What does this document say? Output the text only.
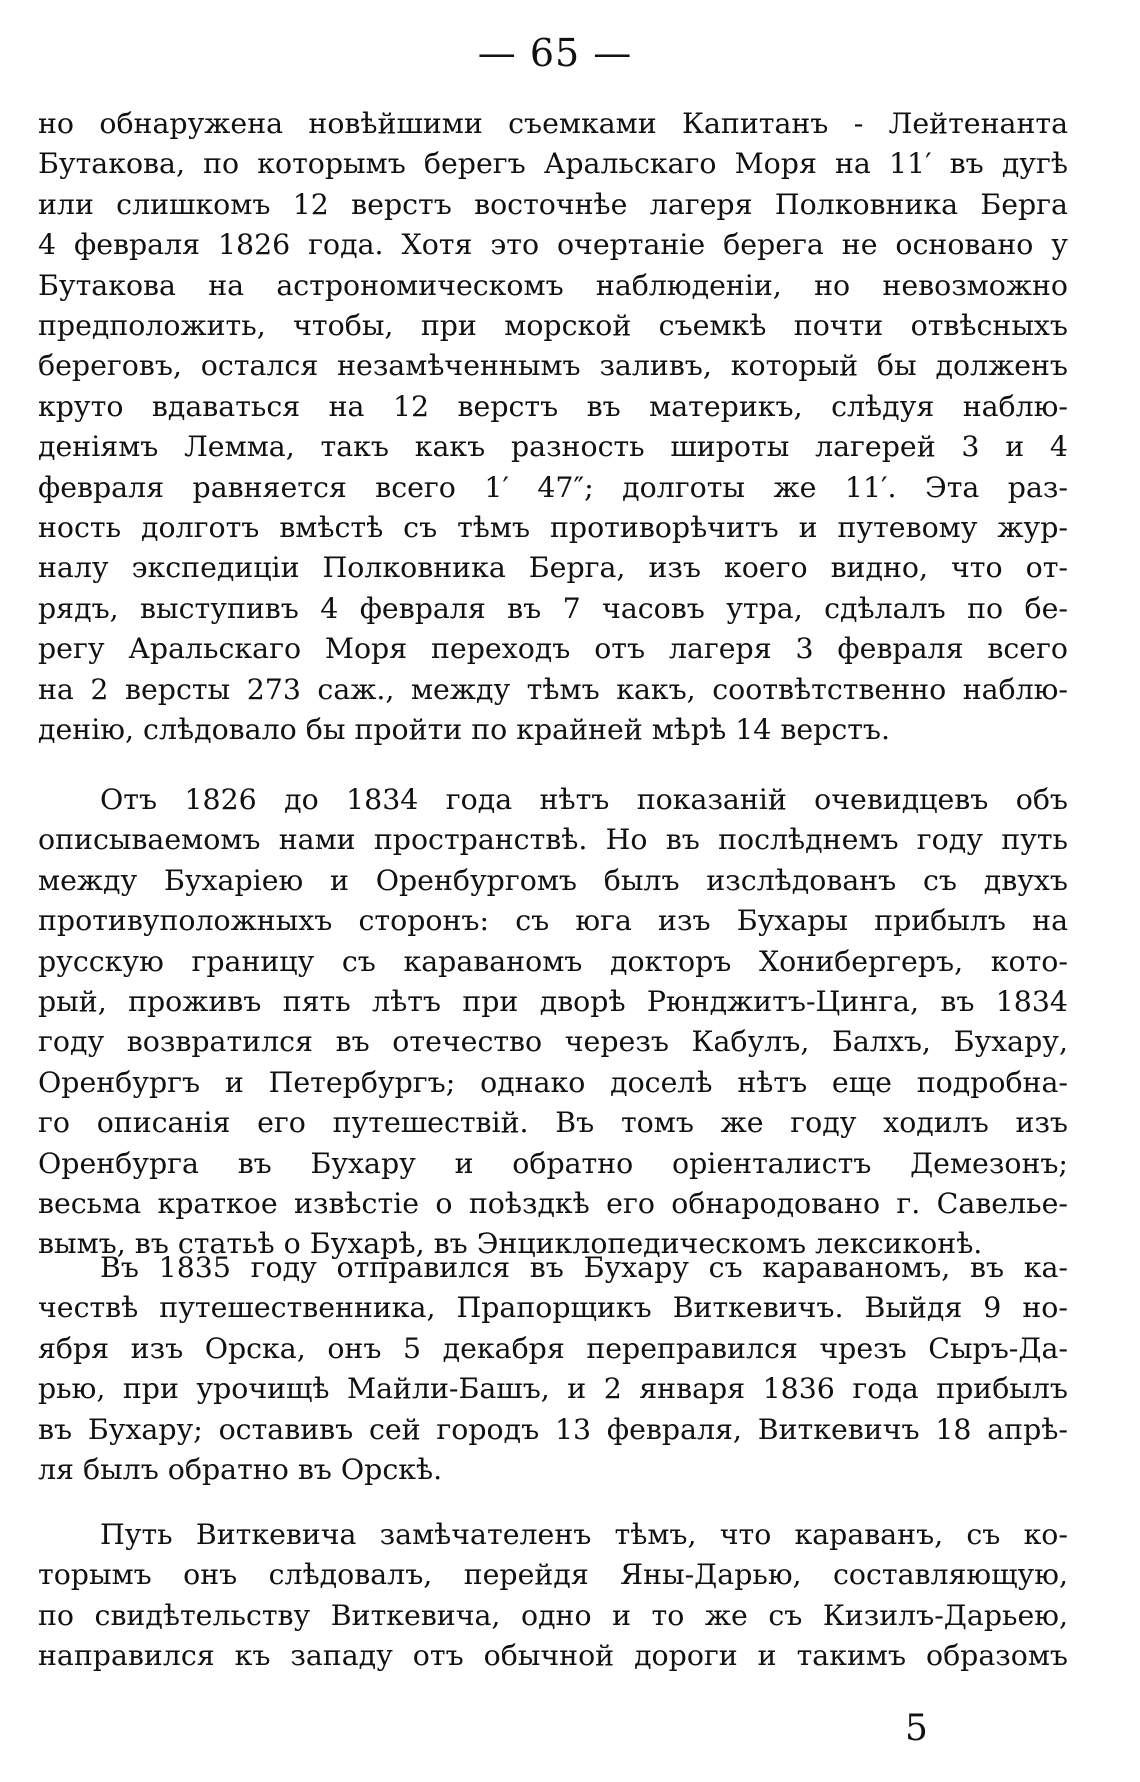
— 65 —

но обнаружена новѣйшими съемками Капитанъ - Лейтенанта
Бутакова, по которымъ берегъ Аральскаго Моря на 11′ въ дугѣ
или слишкомъ 12 верстъ восточнѣе лагеря Полковника Берга
4 февраля 1826 года. Хотя это очертаніе берега не основано у
Бутакова на астрономическомъ наблюденіи, но невозможно
предположить, чтобы, при морской съемкѣ почти отвѣсныхъ
береговъ, остался незамѣченнымъ заливъ, который бы долженъ
круто вдаваться на 12 верстъ въ материкъ, слѣдуя наблю-
деніямъ Лемма, такъ какъ разность широты лагерей 3 и 4
февраля равняется всего 1′ 47″; долготы же 11′. Эта раз-
ность долготъ вмѣстѣ съ тѣмъ противорѣчитъ и путевому жур-
налу экспедиціи Полковника Берга, изъ коего видно, что от-
рядъ, выступивъ 4 февраля въ 7 часовъ утра, сдѣлалъ по бе-
регу Аральскаго Моря переходъ отъ лагеря 3 февраля всего
на 2 версты 273 саж., между тѣмъ какъ, соотвѣтственно наблю-
денію, слѣдовало бы пройти по крайней мѣрѣ 14 верстъ.

Отъ 1826 до 1834 года нѣтъ показаній очевидцевъ объ
описываемомъ нами пространствѣ. Но въ послѣднемъ году путь
между Бухаріею и Оренбургомъ былъ изслѣдованъ съ двухъ
противуположныхъ сторонъ: съ юга изъ Бухары прибылъ на
русскую границу съ караваномъ докторъ Хонибергеръ, кото-
рый, проживъ пять лѣтъ при дворѣ Рюнджитъ-Цинга, въ 1834
году возвратился въ отечество черезъ Кабулъ, Балхъ, Бухару,
Оренбургъ и Петербургъ; однако доселѣ нѣтъ еще подробна-
го описанія его путешествій. Въ томъ же году ходилъ изъ
Оренбурга въ Бухару и обратно оріенталистъ Демезонъ;
весьма краткое извѣстіе о поѣздкѣ его обнародовано г. Савелье-
вымъ, въ статьѣ о Бухарѣ, въ Энциклопедическомъ лексиконѣ.

Въ 1835 году отправился въ Бухару съ караваномъ, въ ка-
чествѣ путешественника, Прапорщикъ Виткевичъ. Выйдя 9 но-
ября изъ Орска, онъ 5 декабря переправился чрезъ Сыръ-Да-
рью, при урочищѣ Майли-Башъ, и 2 января 1836 года прибылъ
въ Бухару; оставивъ сей городъ 13 февраля, Виткевичъ 18 апрѣ-
ля былъ обратно въ Орскѣ.

Путь Виткевича замѣчателенъ тѣмъ, что караванъ, съ ко-
торымъ онъ слѣдовалъ, перейдя Яны-Дарью, составляющую,
по свидѣтельству Виткевича, одно и то же съ Кизилъ-Дарьею,
направился къ западу отъ обычной дороги и такимъ образомъ

5
